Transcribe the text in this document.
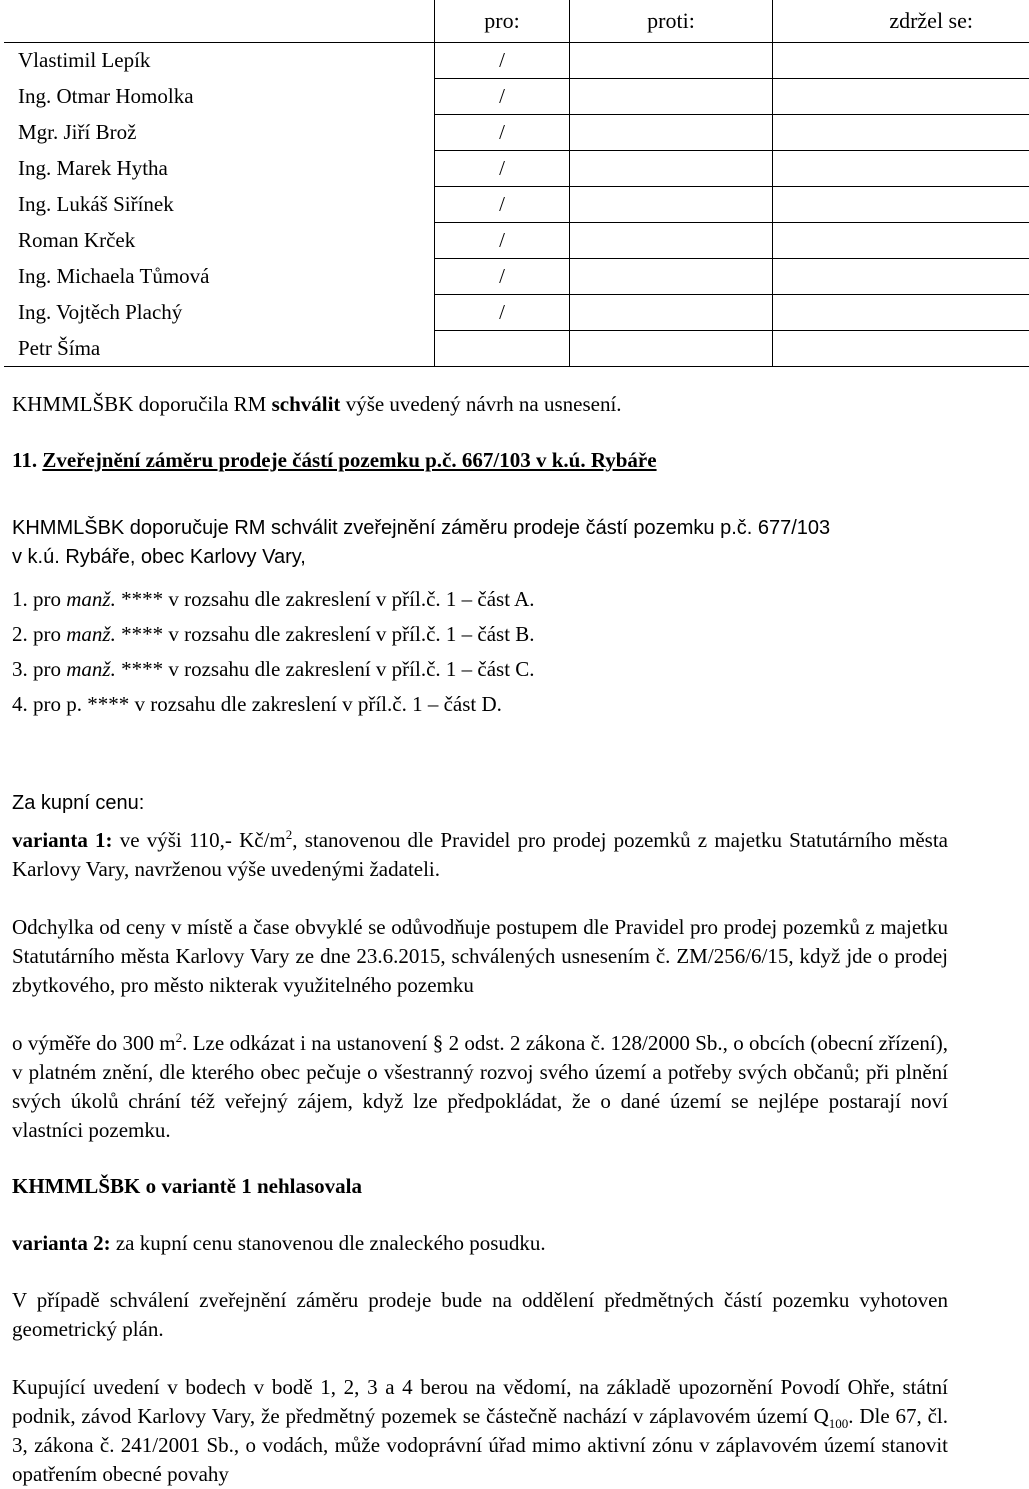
	pro:	proti:	zdržel se:
Vlastimil Lepík	/		
Ing. Otmar Homolka	/		
Mgr. Jiří Brož	/		
Ing. Marek Hytha	/		
Ing. Lukáš Siřínek	/		
Roman Krček	/		
Ing. Michaela Tůmová	/		
Ing. Vojtěch Plachý	/		
Petr Šíma			

KHMMLŠBK doporučila RM schválit výše uvedený návrh na usnesení.

11. Zveřejnění záměru prodeje částí pozemku p.č. 667/103 v k.ú. Rybáře

KHMMLŠBK doporučuje RM schválit zveřejnění záměru prodeje částí pozemku p.č. 677/103
v k.ú. Rybáře, obec Karlovy Vary,
1. pro manž. **** v rozsahu dle zakreslení v příl.č. 1 – část A.
2. pro manž. **** v rozsahu dle zakreslení v příl.č. 1 – část B.
3. pro manž. **** v rozsahu dle zakreslení v příl.č. 1 – část C.
4. pro p. **** v rozsahu dle zakreslení v příl.č. 1 – část D.
Za kupní cenu:

varianta 1: ve výši 110,- $Kč/m^2$, stanovenou dle Pravidel pro prodej pozemků z majetku Statutárního města Karlovy Vary, navrženou výše uvedenými žadateli.

Odchylka od ceny v místě a čase obvyklé se odůvodňuje postupem dle Pravidel pro prodej pozemků z majetku Statutárního města Karlovy Vary ze dne 23.6.2015, schválených usnesením č. ZM/256/6/15, když jde o prodej zbytkového, pro město nikterak využitelného pozemku

o výměře do 300 $m^2$. Lze odkázat i na ustanovení § 2 odst. 2 zákona č. 128/2000 Sb., o obcích (obecní zřízení), v platném znění, dle kterého obec pečuje o všestranný rozvoj svého území a potřeby svých občanů; při plnění svých úkolů chrání též veřejný zájem, když lze předpokládat, že o dané území se nejlépe postarají noví vlastníci pozemku.

KHMMLŠBK o variantě 1 nehlasovala
varianta 2: za kupní cenu stanovenou dle znaleckého posudku.

V případě schválení zveřejnění záměru prodeje bude na oddělení předmětných částí pozemku vyhotoven geometrický plán.

Kupující uvedení v bodech v bodě 1, 2, 3 a 4 berou na vědomí, na základě upozornění Povodí Ohře, státní podnik, závod Karlovy Vary, že předmětný pozemek se částečně nachází v záplavovém území $Q_{100}$. Dle 67, čl. 3, zákona č. 241/2001 Sb., o vodách, může vodoprávní úřad mimo aktivní zónu v záplavovém území stanovit opatřením obecné povahy
